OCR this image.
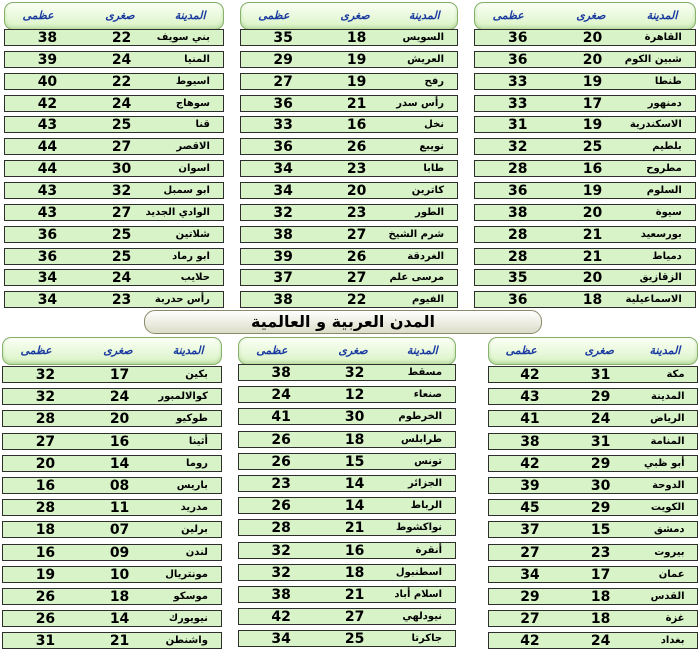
عظمى	صغرى	المدينة
36	20	القاهرة
36	20 شبين الكوم
33	19	طنطا
33	17	دمنهور
31	19	الاسكندرية
32	25	بلطيم
28	16	مطروح
36	19	السلوم
38	20	سيوة
28	21	بورسعيد
28	21	دمياط
35	20	الزقازيق
36	18 الاسماعيلية
عظمى	صغرى	المدينة
35	18	السويس
29	19	العريش
27	19	رفح
36	21	رأس سدر
33	16	نخل
36	26	نويبع
34	23	طابا
34	20	كاترين
32	23	الطور
38	27 شرم الشيخ
39	26	الغردقة
37	27 مرسى علم
38	22	الفيوم
عظمى	صغرى	المدينة
38	22	بني سويف
39	24	المنيا
40	22	اسيوط
42	24	سوهاج
43	25	قنا
44	27	الاقصر
44	30	اسوان
43	32	ابو سمبل
43	27 الوادي الجديد
36	25	شلاتين
36	25	ابو رماد
34	24	حلايب
34	23 رأس حدربة
المدن العربية و العالمية
عظمى	صغرى	المدينة
42	31	مكة
43	29	المدينة
41	24	الرياض
38	31	المنامة
42	29	أبو ظبي
39	30	الدوحة
45	29	الكويت
37	15	دمشق
27	23	بيروت
34	17	عمان
29	18	القدس
27	18	غزة
42	24	بغداد
عظمى	صغرى	المدينة
38	32	مسقط
24	12	صنعاء
41	30	الخرطوم
26	18	طرابلس
26	15	تونس
23	14	الجزائر
26	14	الرباط
28	21	نواكشوط
32	16	أنقرة
32	18	اسطنبول
38	21	اسلام أباد
42	27	نيودلهي
34	25	جاكرتا
عظمى	صغرى	المدينة
32	17	بكين
32	24	كوالالمبور
28	20	طوكيو
27	16	أثينا
20	14	روما
16	08	باريس
28	11	مدريد
18	07	برلين
16	09	لندن
19	10	مونتريال
26	18	موسكو
26	14	نيويورك
31	21	واشنطن
